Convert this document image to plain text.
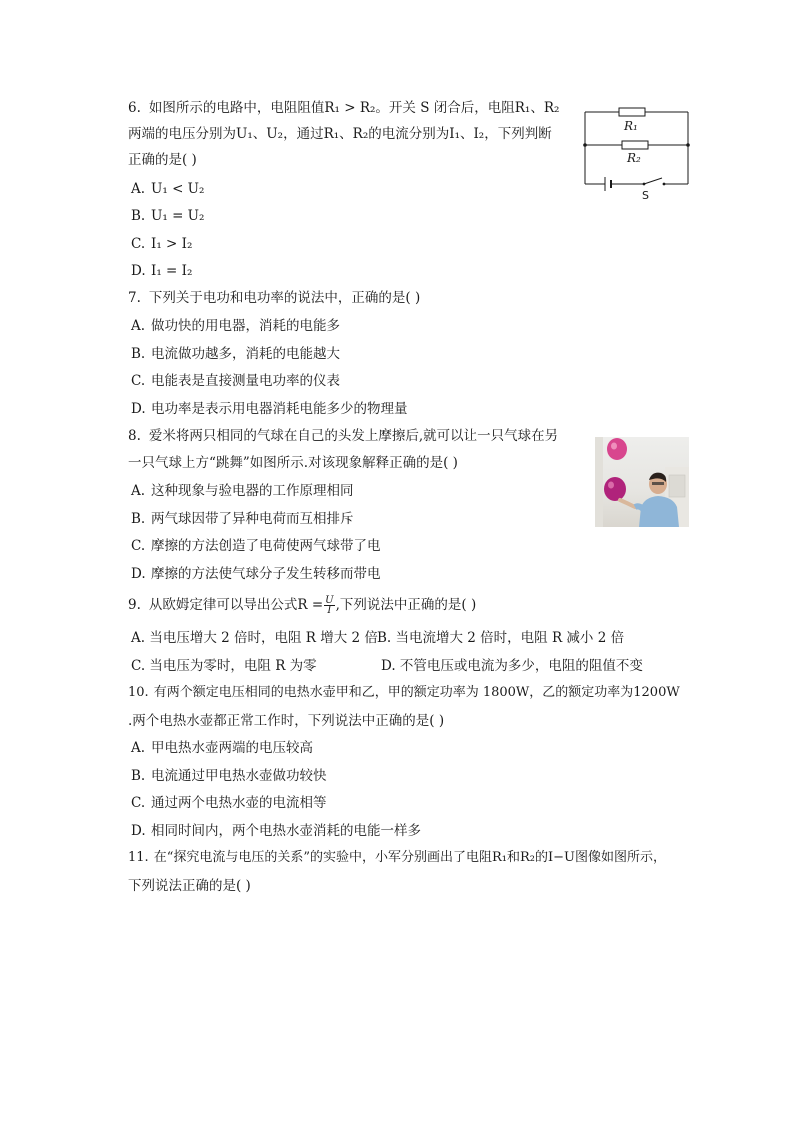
6. 如图所示的电路中，电阻阻值R₁ > R₂。开关 S 闭合后，电阻R₁、R₂
两端的电压分别为U₁、U₂，通过R₁、R₂的电流分别为I₁、I₂，下列判断
正确的是( )
A. U₁ < U₂
B. U₁ = U₂
C. I₁ > I₂
D. I₁ = I₂
R₁
R₂
S
7. 下列关于电功和电功率的说法中，正确的是( )
A. 做功快的用电器，消耗的电能多
B. 电流做功越多，消耗的电能越大
C. 电能表是直接测量电功率的仪表
D. 电功率是表示用电器消耗电能多少的物理量
8. 爱米将两只相同的气球在自己的头发上摩擦后,就可以让一只气球在另
一只气球上方“跳舞”如图所示.对该现象解释正确的是( )
A. 这种现象与验电器的工作原理相同
B. 两气球因带了异种电荷而互相排斥
C. 摩擦的方法创造了电荷使两气球带了电
D. 摩擦的方法使气球分子发生转移而带电
9. 从欧姆定律可以导出公式$R = \frac{U}{I}$ ,下列说法中正确的是( )
A. 当电压增大 2 倍时，电阻 R 增大 2 倍 B. 当电流增大 2 倍时，电阻 R 减小 2 倍
C. 当电压为零时，电阻 R 为零	D. 不管电压或电流为多少，电阻的阻值不变
10. 有两个额定电压相同的电热水壶甲和乙，甲的额定功率为 1800W，乙的额定功率为1200W
.两个电热水壶都正常工作时，下列说法中正确的是( )
A. 甲电热水壶两端的电压较高
B. 电流通过甲电热水壶做功较快
C. 通过两个电热水壶的电流相等
D. 相同时间内，两个电热水壶消耗的电能一样多
11. 在“探究电流与电压的关系”的实验中，小军分别画出了电阻R₁和R₂的I−U图像如图所示，
下列说法正确的是( )
